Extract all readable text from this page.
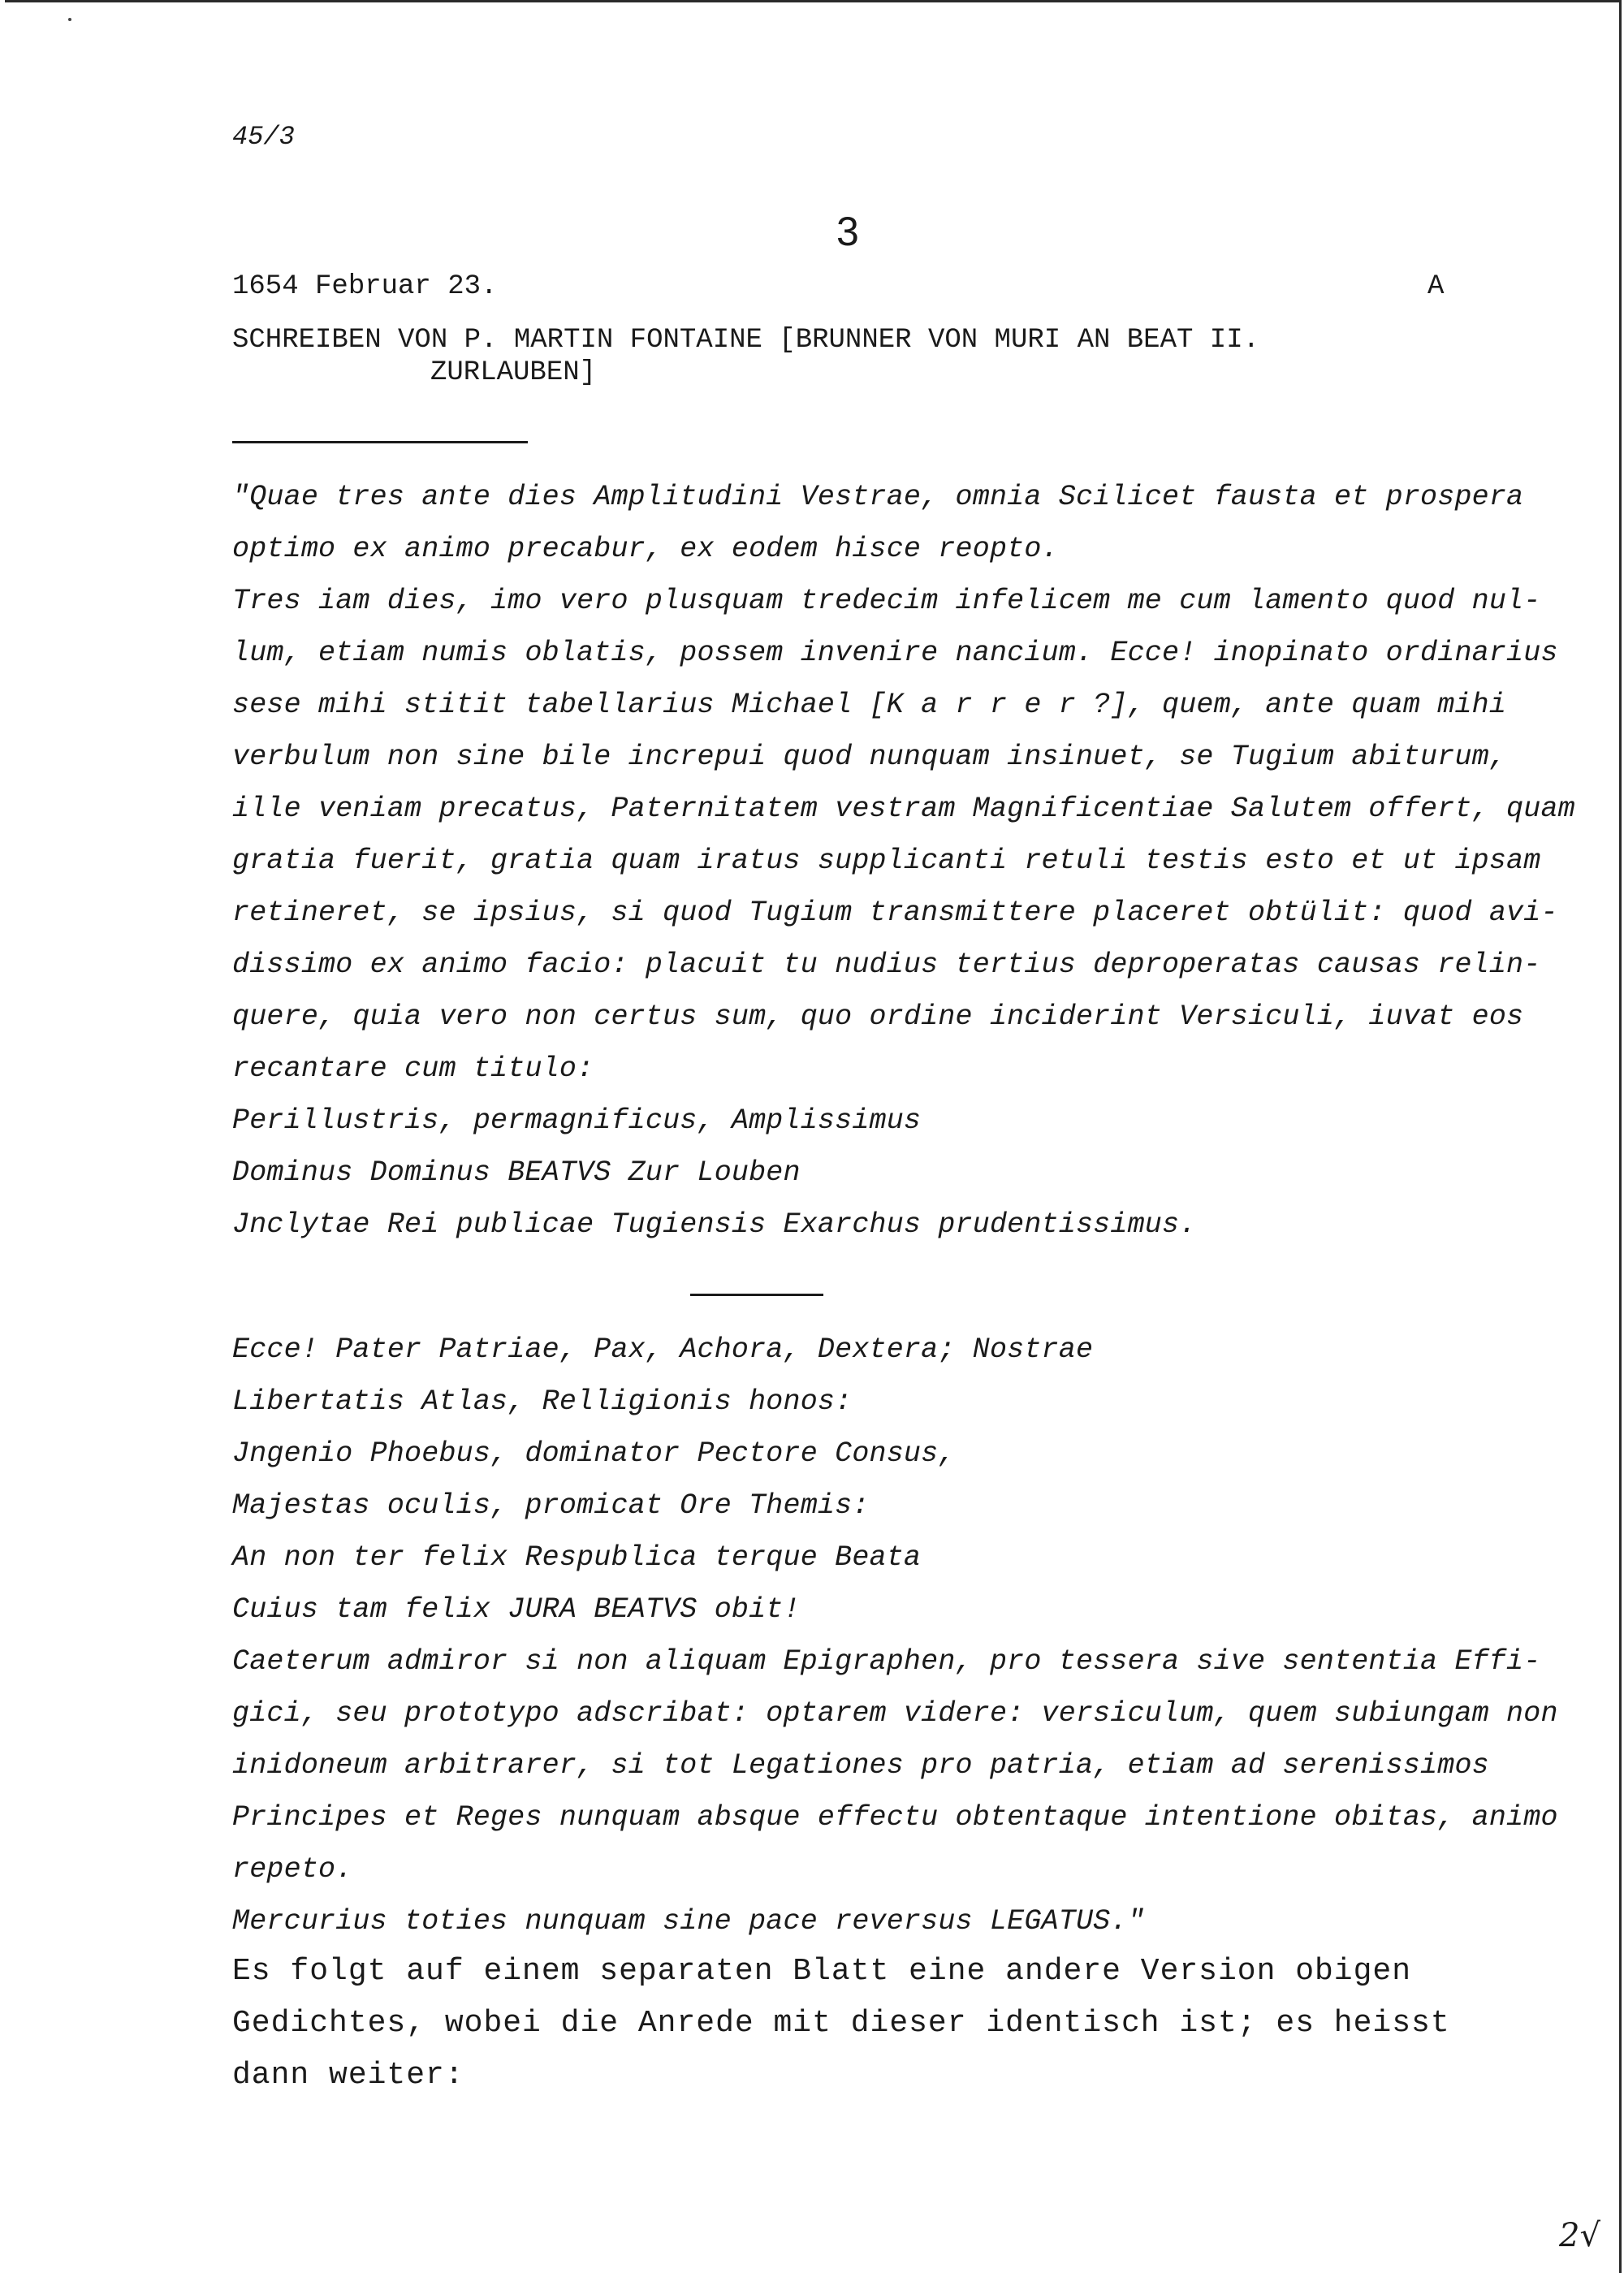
45/3
3
1654 Februar 23.	A
SCHREIBEN VON P. MARTIN FONTAINE [BRUNNER VON MURI AN BEAT II.
ZURLAUBEN]
"Quae tres ante dies Amplitudini Vestrae, omnia Scilicet fausta et prospera
optimo ex animo precabur, ex eodem hisce reopto.
Tres iam dies, imo vero plusquam tredecim infelicem me cum lamento quod nul-
lum, etiam numis oblatis, possem invenire nancium. Ecce! inopinato ordinarius
sese mihi stitit tabellarius Michael [K a r r e r ?], quem, ante quam mihi
verbulum non sine bile increpui quod nunquam insinuet, se Tugium abiturum,
ille veniam precatus, Paternitatem vestram Magnificentiae Salutem offert, quam
gratia fuerit, gratia quam iratus supplicanti retuli testis esto et ut ipsam
retineret, se ipsius, si quod Tugium transmittere placeret obtülit: quod avi-
dissimo ex animo facio: placuit tu nudius tertius deproperatas causas relin-
quere, quia vero non certus sum, quo ordine inciderint Versiculi, iuvat eos
recantare cum titulo:
Perillustris, permagnificus, Amplissimus
Dominus Dominus BEATVS Zur Louben
Jnclytae Rei publicae Tugiensis Exarchus prudentissimus.
Ecce! Pater Patriae, Pax, Achora, Dextera; Nostrae
Libertatis Atlas, Relligionis honos:
Jngenio Phoebus, dominator Pectore Consus,
Majestas oculis, promicat Ore Themis:
An non ter felix Respublica terque Beata
Cuius tam felix JURA BEATVS obit!
Caeterum admiror si non aliquam Epigraphen, pro tessera sive sententia Effi-
gici, seu prototypo adscribat: optarem videre: versiculum, quem subiungam non
inidoneum arbitrarer, si tot Legationes pro patria, etiam ad serenissimos
Principes et Reges nunquam absque effectu obtentaque intentione obitas, animo
repeto.
Mercurius toties nunquam sine pace reversus LEGATUS."
Es folgt auf einem separaten Blatt eine andere Version obigen
Gedichtes, wobei die Anrede mit dieser identisch ist; es heisst
dann weiter:
2√
